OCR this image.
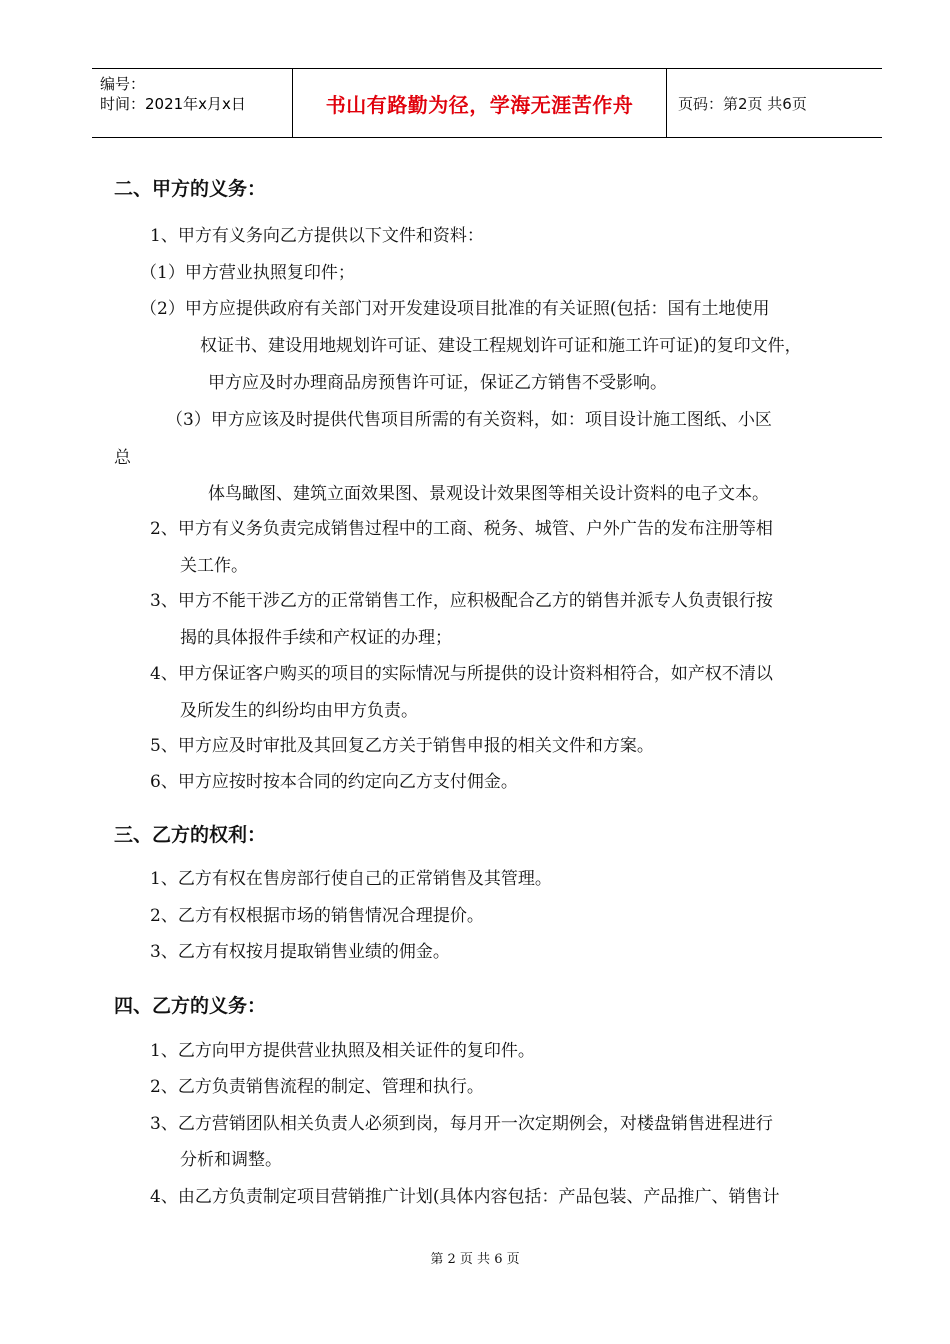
编号：
时间：2021年x月x日	书山有路勤为径，学海无涯苦作舟	页码：第2页 共6页
二、甲方的义务：
1、甲方有义务向乙方提供以下文件和资料：
（1）甲方营业执照复印件；
（2）甲方应提供政府有关部门对开发建设项目批准的有关证照(包括：国有土地使用
权证书、建设用地规划许可证、建设工程规划许可证和施工许可证)的复印文件，
甲方应及时办理商品房预售许可证，保证乙方销售不受影响。
（3）甲方应该及时提供代售项目所需的有关资料，如：项目设计施工图纸、小区
总
体鸟瞰图、建筑立面效果图、景观设计效果图等相关设计资料的电子文本。
2、甲方有义务负责完成销售过程中的工商、税务、城管、户外广告的发布注册等相
关工作。
3、甲方不能干涉乙方的正常销售工作，应积极配合乙方的销售并派专人负责银行按
揭的具体报件手续和产权证的办理；
4、甲方保证客户购买的项目的实际情况与所提供的设计资料相符合，如产权不清以
及所发生的纠纷均由甲方负责。
5、甲方应及时审批及其回复乙方关于销售申报的相关文件和方案。
6、甲方应按时按本合同的约定向乙方支付佣金。
三、乙方的权利：
1、乙方有权在售房部行使自己的正常销售及其管理。
2、乙方有权根据市场的销售情况合理提价。
3、乙方有权按月提取销售业绩的佣金。
四、乙方的义务：
1、乙方向甲方提供营业执照及相关证件的复印件。
2、乙方负责销售流程的制定、管理和执行。
3、乙方营销团队相关负责人必须到岗，每月开一次定期例会，对楼盘销售进程进行
分析和调整。
4、由乙方负责制定项目营销推广计划(具体内容包括：产品包装、产品推广、销售计
第 2 页 共 6 页
